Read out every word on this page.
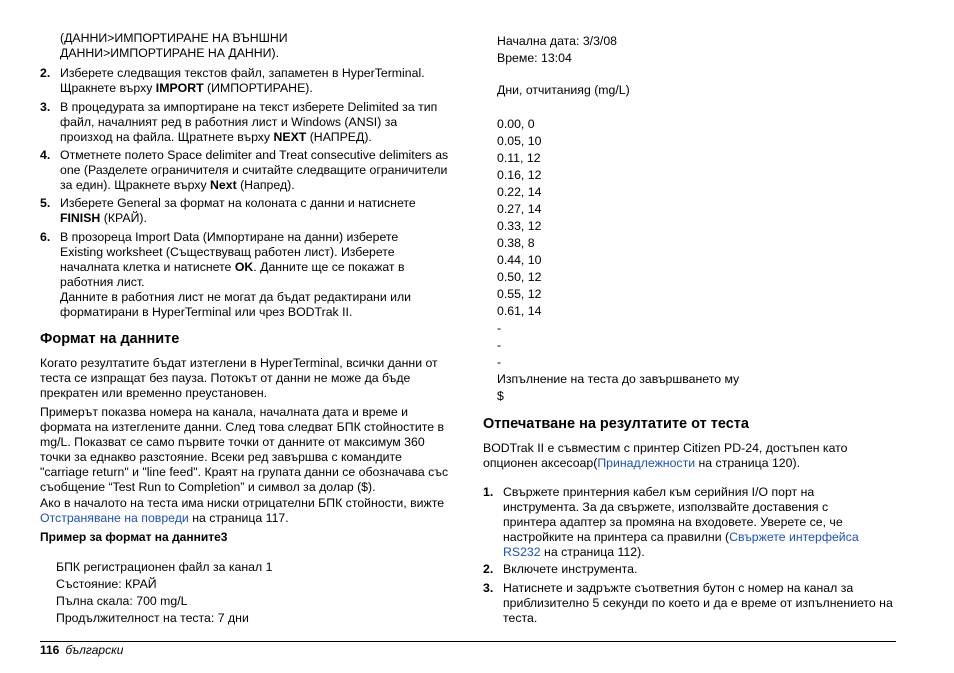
(ДАННИ>ИМПОРТИРАНЕ НА ВЪНШНИ ДАННИ>ИМПОРТИРАНЕ НА ДАННИ).

2. Изберете следващия текстов файл, запаметен в HyperTerminal. Щракнете върху IMPORT (ИМПОРТИРАНЕ).
3. В процедурата за импортиране на текст изберете Delimited за тип файл, началният ред в работния лист и Windows (ANSI) за произход на файла. Щратнете върху NEXT (НАПРЕД).
4. Отметнете полето Space delimiter and Treat consecutive delimiters as one (Разделете ограничителя и считайте следващите ограничители за един). Щракнете върху Next (Напред).
5. Изберете General за формат на колоната с данни и натиснете FINISH (КРАЙ).
6. В прозореца Import Data (Импортиране на данни) изберете Existing worksheet (Съществуващ работен лист). Изберете началната клетка и натиснете OK. Данните ще се покажат в работния лист.
Данните в работния лист не могат да бъдат редактирани или форматирани в HyperTerminal или чрез BODTrak II.
Формат на данните

Когато резултатите бъдат изтеглени в HyperTerminal, всички данни от теста се изпращат без пауза. Потокът от данни не може да бъде прекратен или временно преустановен.

Примерът показва номера на канала, началната дата и време и формата на изтеглените данни. След това следват БПК стойностите в mg/L. Показват се само първите точки от данните от максимум 360 точки за еднакво разстояние. Всеки ред завършва с командите "carriage return" и "line feed". Краят на групата данни се обозначава със съобщение “Test Run to Completion” и символ за долар ($).

Ако в началото на теста има ниски отрицателни БПК стойности, вижте Отстраняване на повреди на страница 117.

Пример за формат на данните3
БПК регистрационен файл за канал 1
Състояние: КРАЙ
Пълна скала: 700 mg/L
Продължителност на теста: 7 дни
Начална дата: 3/3/08
Време: 13:04
Дни, отчитанияg (mg/L)
0.00, 0
0.05, 10
0.11, 12
0.16, 12
0.22, 14
0.27, 14
0.33, 12
0.38, 8
0.44, 10
0.50, 12
0.55, 12
0.61, 14
-
-
-
Изпълнение на теста до завършването му
$
Отпечатване на резултатите от теста

BODTrak II е съвместим с принтер Citizen PD-24, достъпен като опционен аксесоар(Принадлежности на страница 120).

1. Свържете принтерния кабел към серийния I/O порт на инструмента. За да свържете, използвайте доставения с принтера адаптер за промяна на входовете. Уверете се, че настройките на принтера са правилни (Свържете интерфейса RS232 на страница 112).
2. Включете инструмента.
3. Натиснете и задръжте съответния бутон с номер на канал за приблизително 5 секунди по което и да е време от изпълнението на теста.
116 български
